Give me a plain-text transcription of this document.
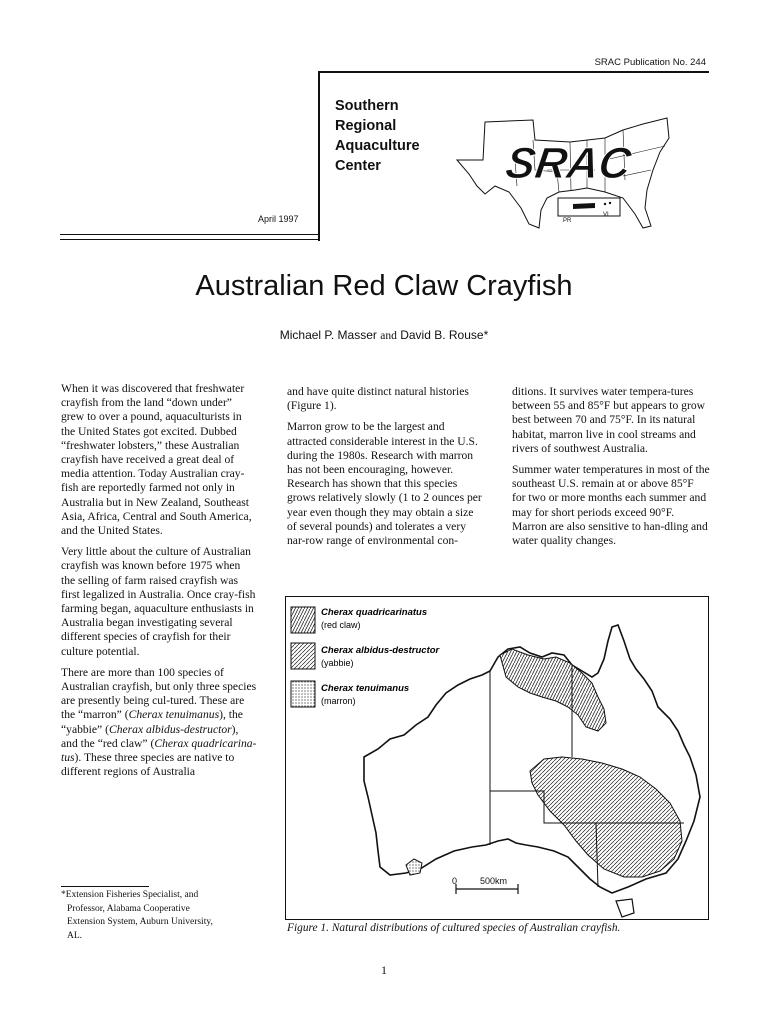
SRAC Publication No. 244
Southern
Regional
Aquaculture
Center
April 1997
SRAC
PR
VI
Australian Red Claw Crayfish
Michael P. Masser and David B. Rouse*

When it was discovered that freshwater crayfish from the land “down under” grew to over a pound, aquaculturists in the United States got excited. Dubbed “freshwater lobsters,” these Australian crayfish have received a great deal of media attention. Today Australian cray-fish are reportedly farmed not only in Australia but in New Zealand, Southeast Asia, Africa, Central and South America, and the United States.

Very little about the culture of Australian crayfish was known before 1975 when the selling of farm raised crayfish was first legalized in Australia. Once cray-fish farming began, aquaculture enthusiasts in Australia began investigating several different species of crayfish for their culture potential.

There are more than 100 species of Australian crayfish, but only three species are presently being cul-tured. These are the “marron” (Cherax tenuimanus), the “yabbie” (Cherax albidus-destructor), and the “red claw” (Cherax quadricarina-tus). These three species are native to different regions of Australia

and have quite distinct natural histories (Figure 1).

Marron grow to be the largest and attracted considerable interest in the U.S. during the 1980s. Research with marron has not been encouraging, however. Research has shown that this species grows relatively slowly (1 to 2 ounces per year even though they may obtain a size of several pounds) and tolerates a very nar-row range of environmental con-

ditions. It survives water tempera-tures between 55 and 85°F but appears to grow best between 70 and 75°F. In its natural habitat, marron live in cool streams and rivers of southwest Australia.

Summer water temperatures in most of the southeast U.S. remain at or above 85°F for two or more months each summer and may for short periods exceed 90°F. Marron are also sensitive to han-dling and water quality changes.

*Extension Fisheries Specialist, and
Professor, Alabama Cooperative
Extension System, Auburn University,
AL.
Cherax quadricarinatus
(red claw)
Cherax albidus-destructor
(yabbie)
Cherax tenuimanus
(marron)
0	500km
Figure 1. Natural distributions of cultured species of Australian crayfish.
1
